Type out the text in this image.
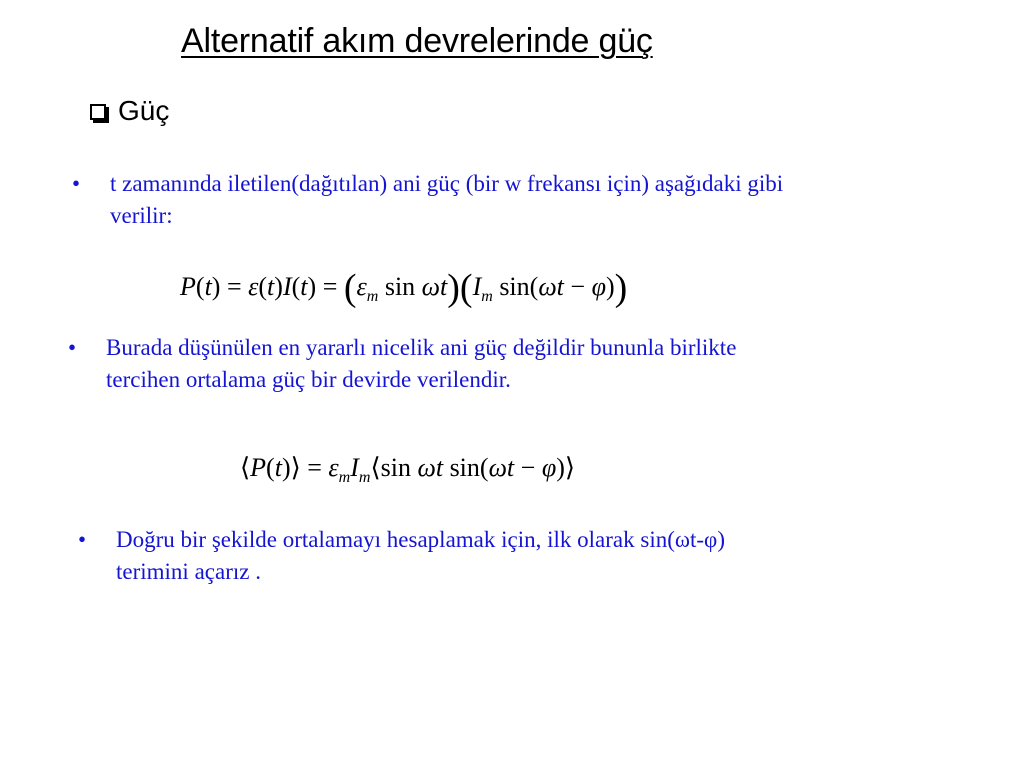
Alternatif akım devrelerinde güç
Güç
•	t zamanında iletilen(dağıtılan) ani güç (bir w frekansı için) aşağıdaki gibi
verilir:
$P(t) = \varepsilon(t)I(t) = (\varepsilon_m$ $\sin \omega t)(I_m$ sin(ωt − φ))
•	Burada düşünülen en yararlı nicelik ani güç değildir bununla birlikte
tercihen ortalama güç bir devirde verilendir.
⟨P(t)⟩ = $\varepsilon_mI_m⟨\sin$ ωt sin(ωt − φ)⟩
•	Doğru bir şekilde ortalamayı hesaplamak için, ilk olarak sin(ωt-φ)
terimini açarız .
